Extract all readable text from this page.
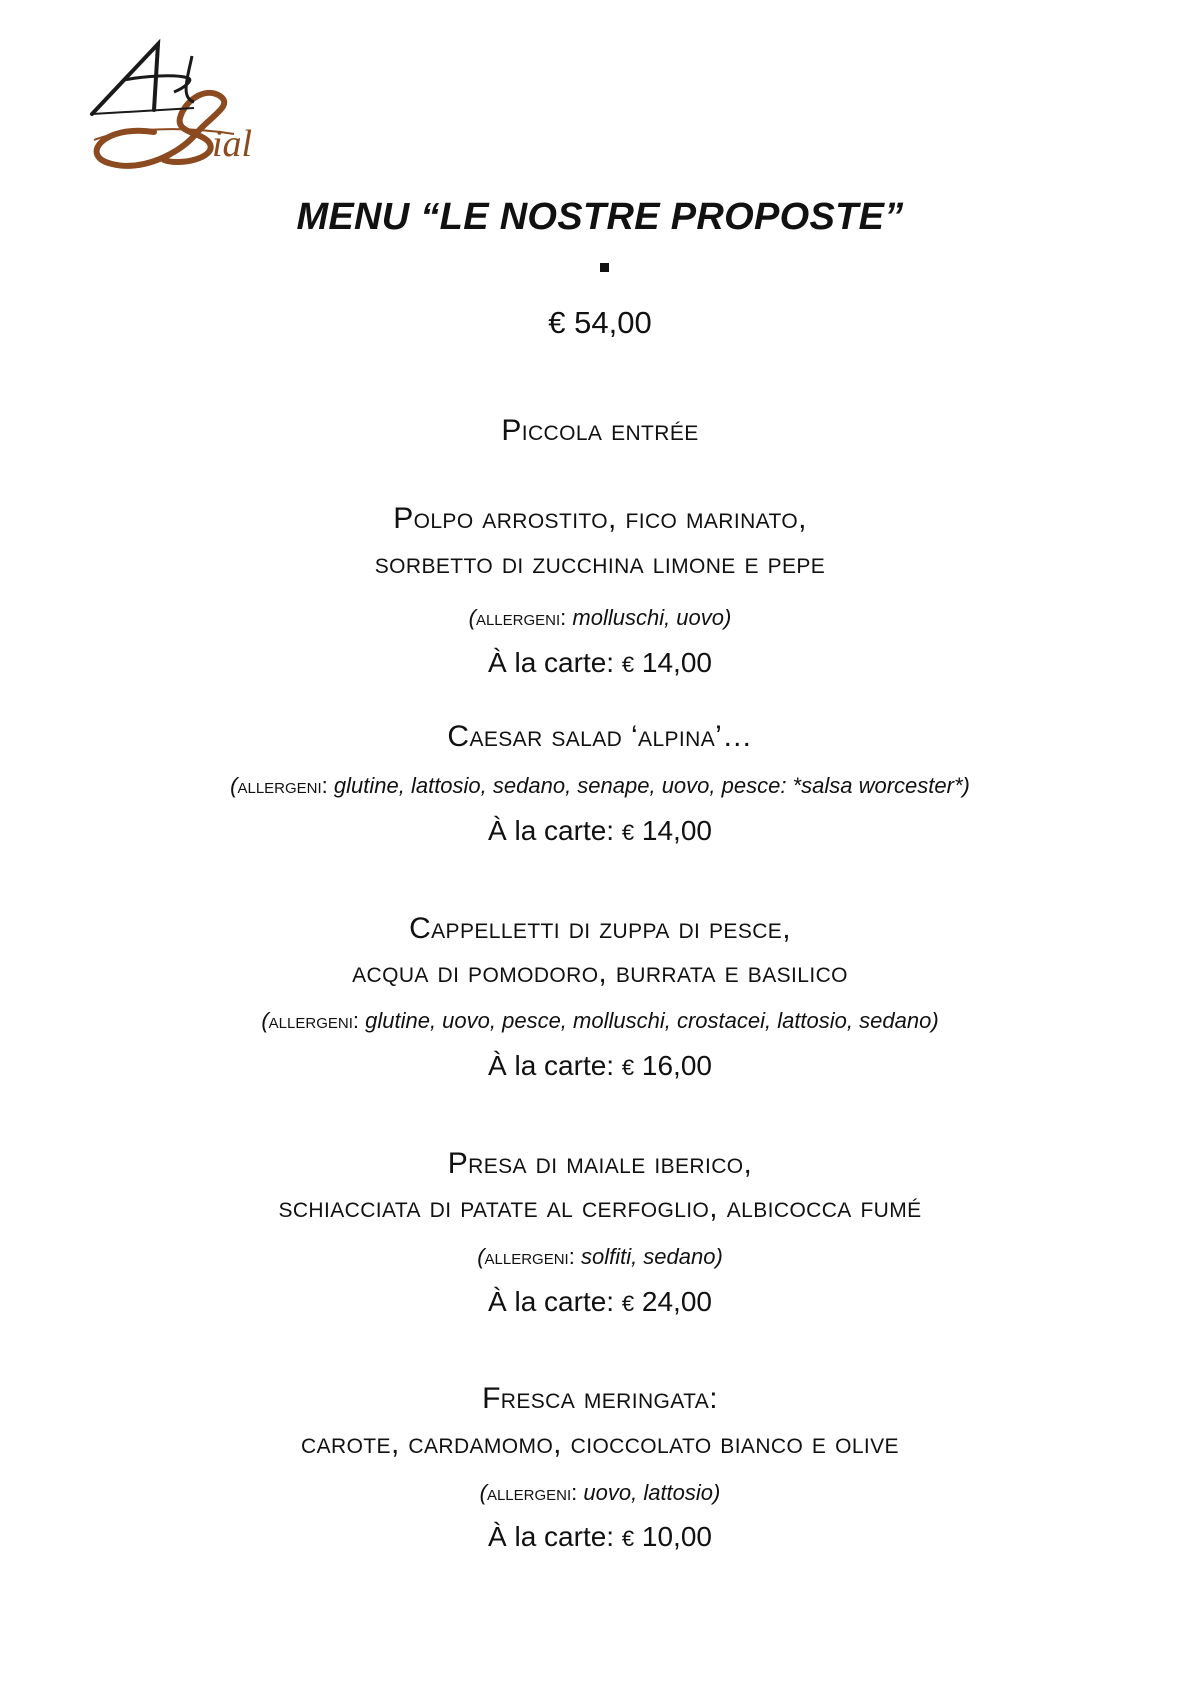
ial
MENU “LE NOSTRE PROPOSTE”
€ 54,00
Piccola entrée
Polpo arrostito, fico marinato,
sorbetto di zucchina limone e pepe
(allergeni: molluschi, uovo)
À la carte: € 14,00
Caesar salad ‘alpina’…
(allergeni: glutine, lattosio, sedano, senape, uovo, pesce: *salsa worcester*)
À la carte: € 14,00
Cappelletti di zuppa di pesce,
acqua di pomodoro, burrata e basilico
(allergeni: glutine, uovo, pesce, molluschi, crostacei, lattosio, sedano)
À la carte: € 16,00
Presa di maiale iberico,
schiacciata di patate al cerfoglio, albicocca fumé
(allergeni: solfiti, sedano)
À la carte: € 24,00
Fresca meringata:
carote, cardamomo, cioccolato bianco e olive
(allergeni: uovo, lattosio)
À la carte: € 10,00
